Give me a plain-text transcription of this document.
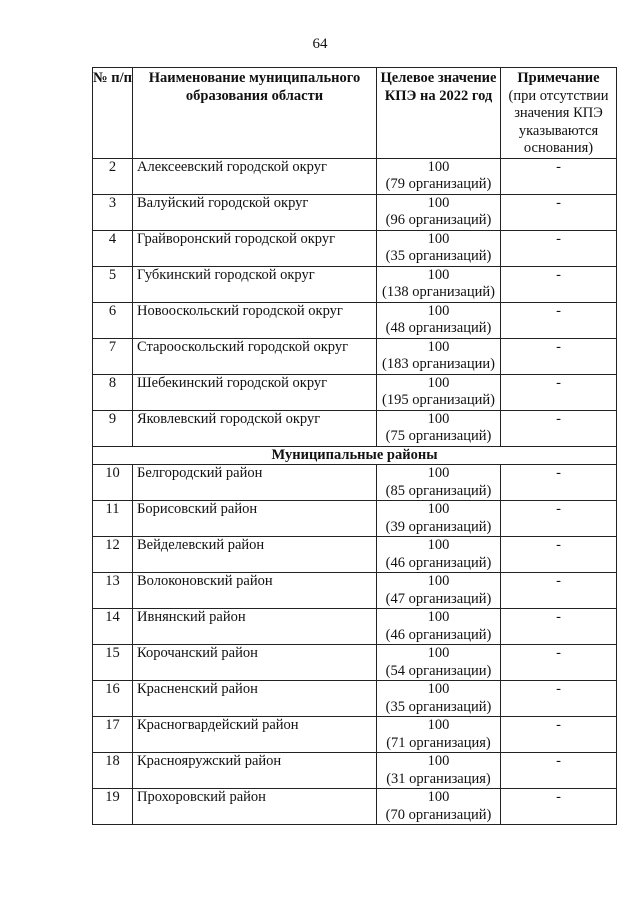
64
№ п/п	Наименование муниципального образования области	Целевое значение КПЭ на 2022 год	Примечание
(при отсутствии значения КПЭ указываются основания)
2	Алексеевский городской округ	100
(79 организаций)	-
3	Валуйский городской округ	100
(96 организаций)	-
4	Грайворонский городской округ	100
(35 организаций)	-
5	Губкинский городской округ	100
(138 организаций)	-
6	Новооскольский городской округ	100
(48 организаций)	-
7	Старооскольский городской округ	100
(183 организации)	-
8	Шебекинский городской округ	100
(195 организаций)	-
9	Яковлевский городской округ	100
(75 организаций)	-
Муниципальные районы			
10	Белгородский район	100
(85 организаций)	-
11	Борисовский район	100
(39 организаций)	-
12	Вейделевский район	100
(46 организаций)	-
13	Волоконовский район	100
(47 организаций)	-
14	Ивнянский район	100
(46 организаций)	-
15	Корочанский район	100
(54 организации)	-
16	Красненский район	100
(35 организаций)	-
17	Красногвардейский район	100
(71 организация)	-
18	Краснояружский район	100
(31 организация)	-
19	Прохоровский район	100
(70 организаций)	-
